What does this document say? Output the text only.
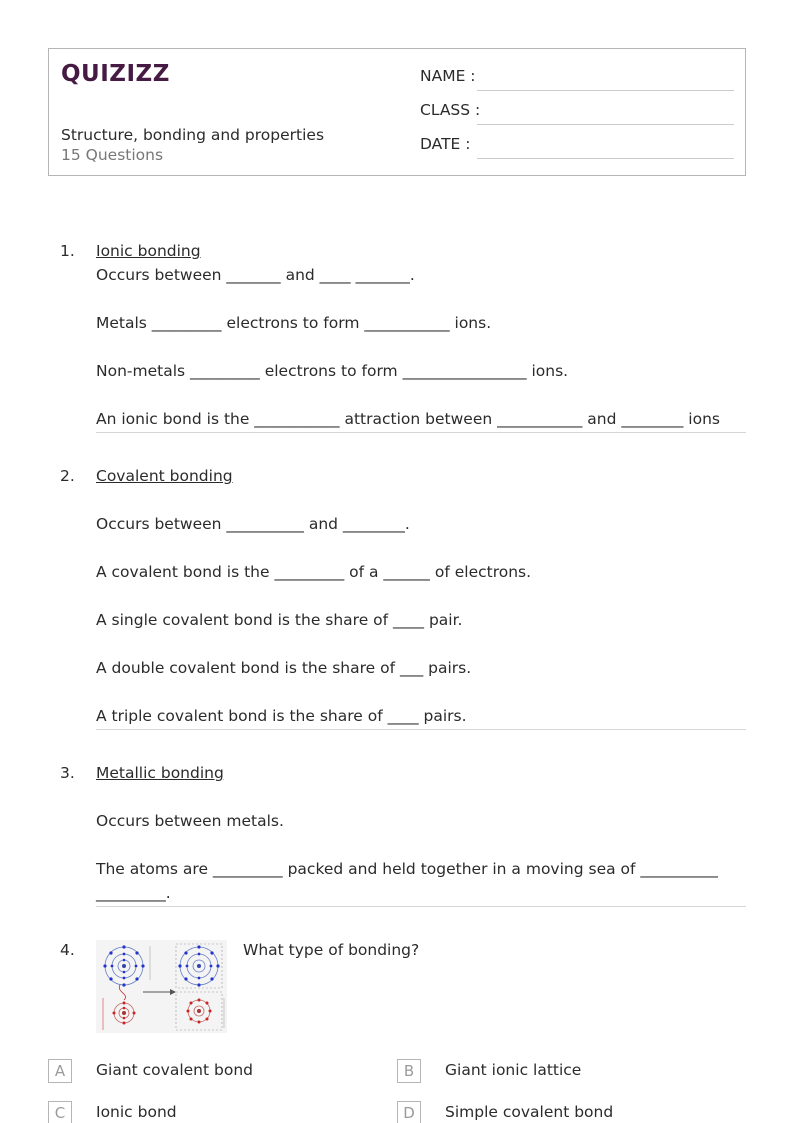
QUIZIZZ
Structure, bonding and properties
15 Questions
NAME :
CLASS :
DATE :
1. Ionic bonding
Occurs between _______ and ____ _______.
Metals _________ electrons to form ___________ ions.
Non-metals _________ electrons to form ________________ ions.
An ionic bond is the ___________ attraction between ___________ and ________ ions
2. Covalent bonding
Occurs between __________ and ________.
A covalent bond is the _________ of a ______ of electrons.
A single covalent bond is the share of ____ pair.
A double covalent bond is the share of ___ pairs.
A triple covalent bond is the share of ____ pairs.
3. Metallic bonding
Occurs between metals.
The atoms are _________ packed and held together in a moving sea of __________
_________.
4.	What type of bonding?
A	Giant covalent bond	B	Giant ionic lattice
C	Ionic bond	D	Simple covalent bond
